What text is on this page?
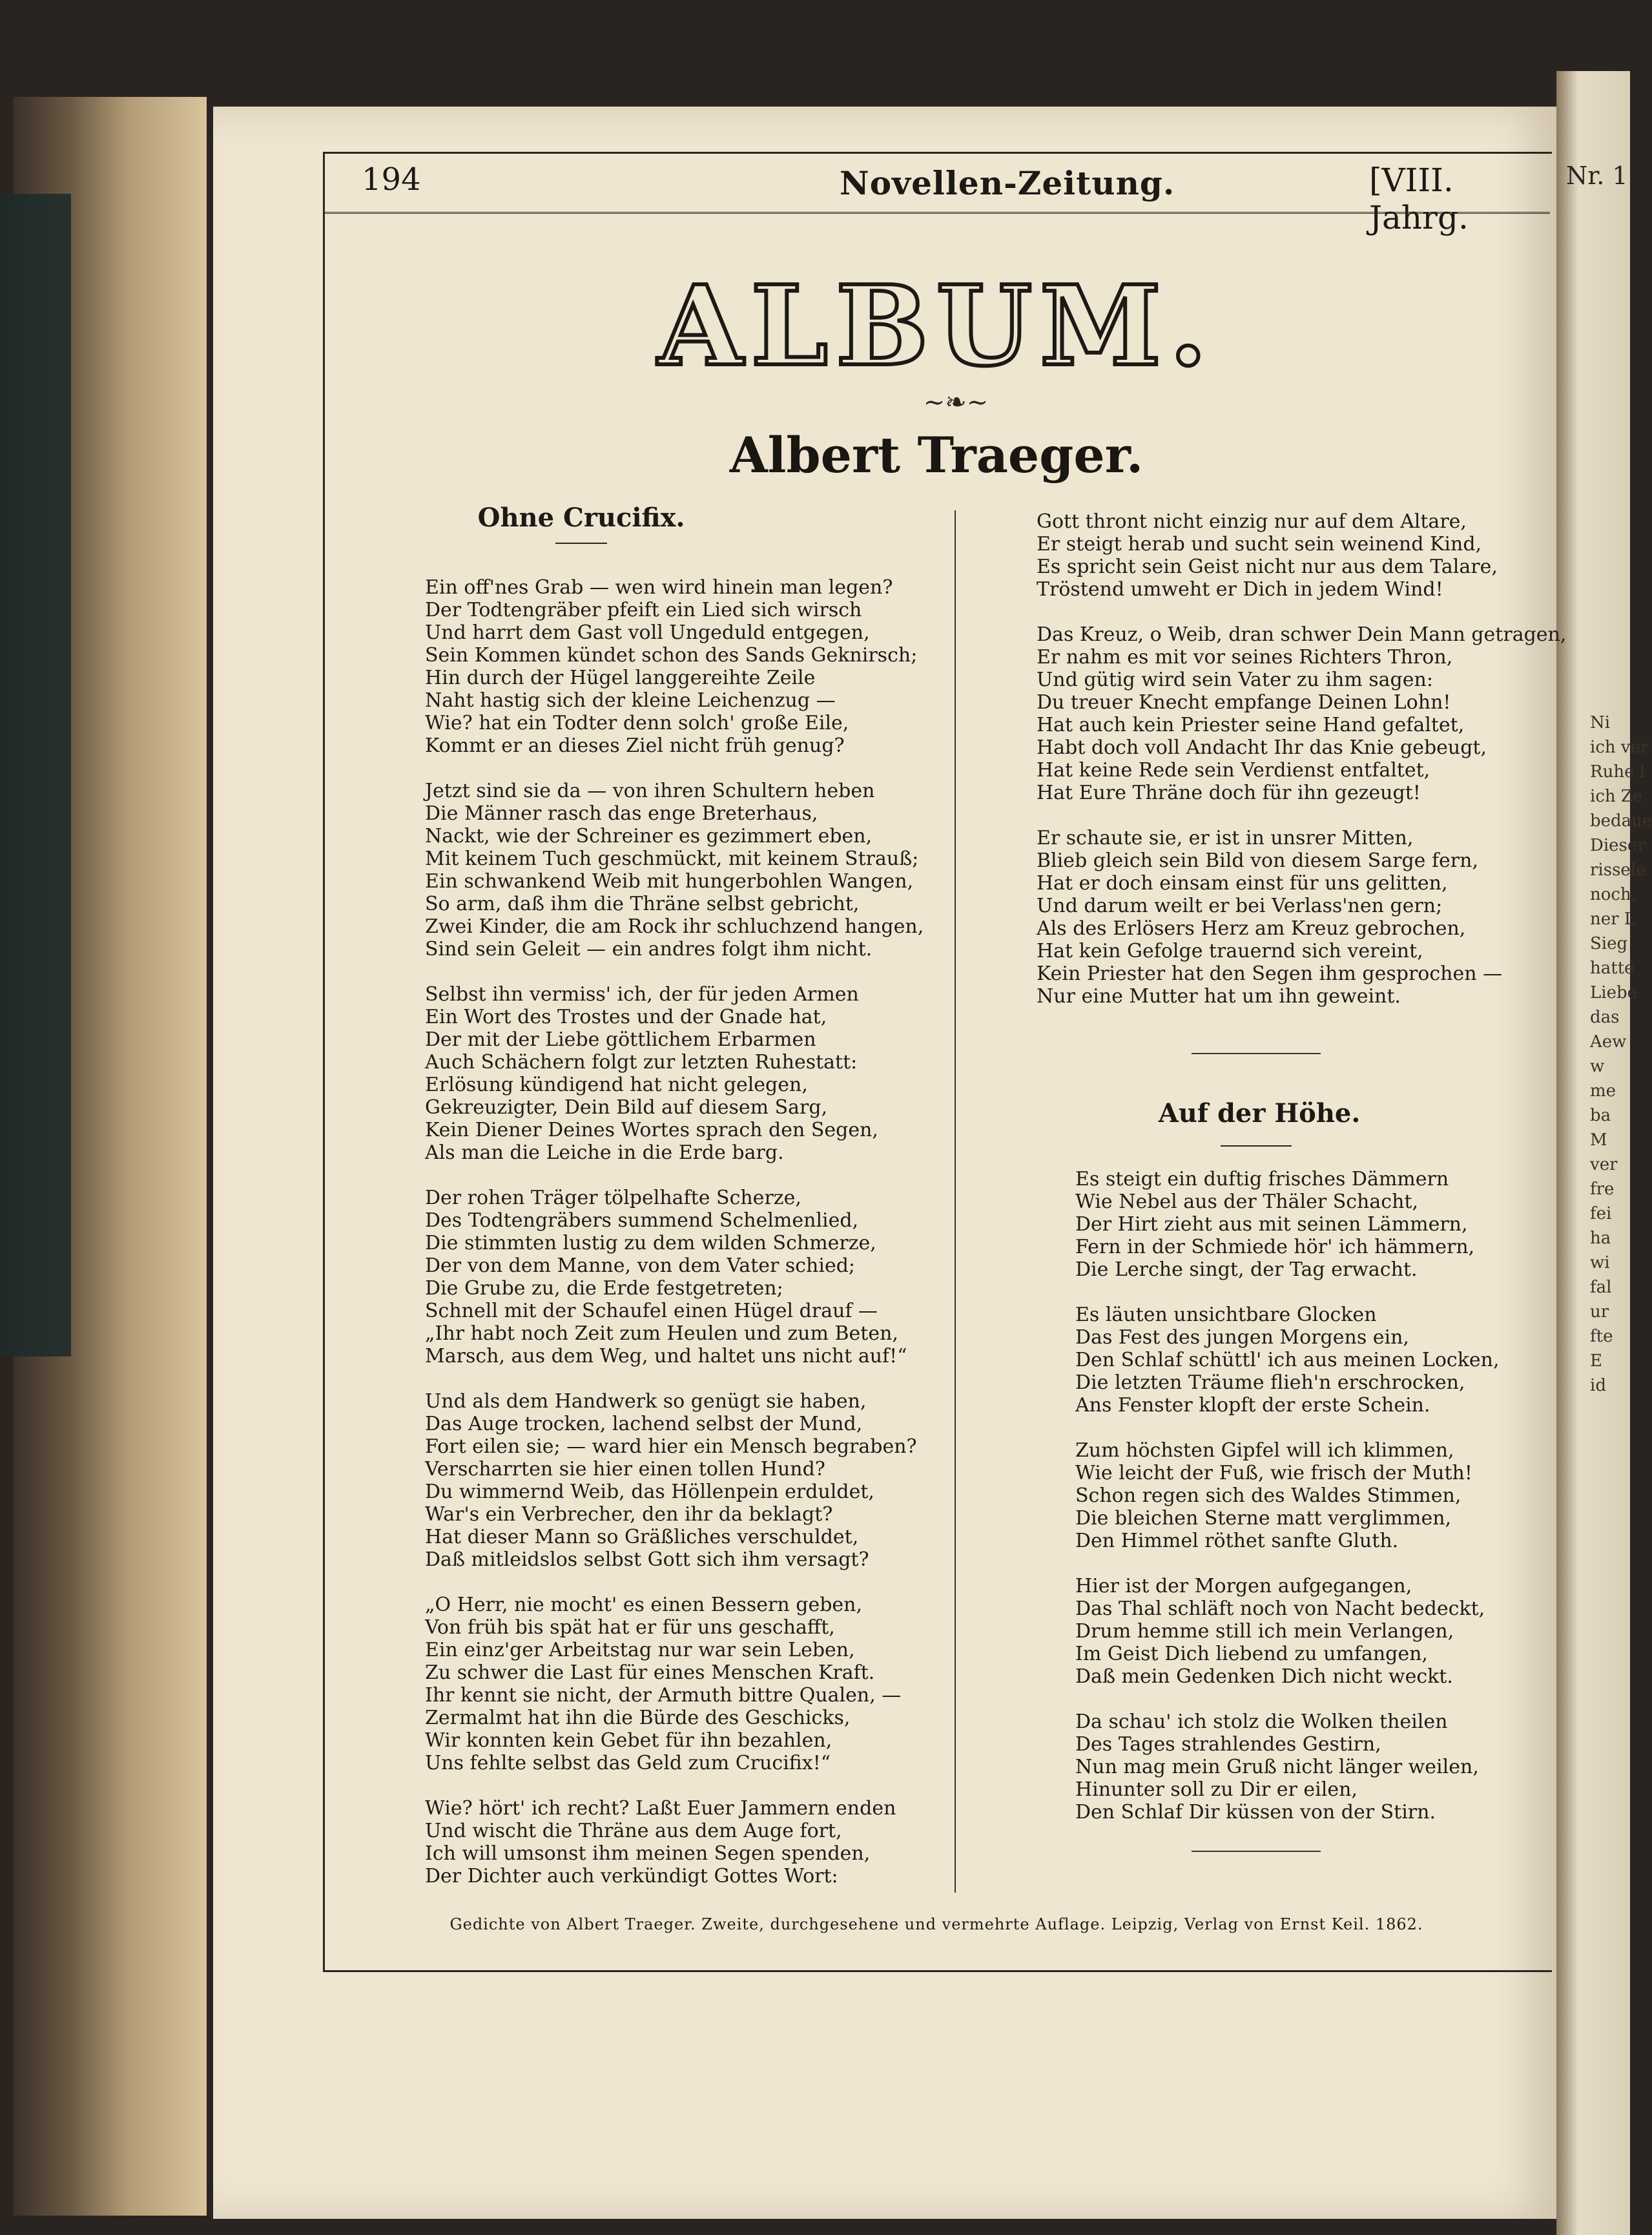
194	Novellen-Zeitung.	[VIII. Jahrg.
ALBUM.
~❧~
Albert Traeger.
Ohne Crucifix.
Ein off'nes Grab — wen wird hinein man legen?
Der Todtengräber pfeift ein Lied sich wirsch
Und harrt dem Gast voll Ungeduld entgegen,
Sein Kommen kündet schon des Sands Geknirsch;
Hin durch der Hügel langgereihte Zeile
Naht hastig sich der kleine Leichenzug —
Wie? hat ein Todter denn solch' große Eile,
Kommt er an dieses Ziel nicht früh genug?
Jetzt sind sie da — von ihren Schultern heben
Die Männer rasch das enge Breterhaus,
Nackt, wie der Schreiner es gezimmert eben,
Mit keinem Tuch geschmückt, mit keinem Strauß;
Ein schwankend Weib mit hungerbohlen Wangen,
So arm, daß ihm die Thräne selbst gebricht,
Zwei Kinder, die am Rock ihr schluchzend hangen,
Sind sein Geleit — ein andres folgt ihm nicht.
Selbst ihn vermiss' ich, der für jeden Armen
Ein Wort des Trostes und der Gnade hat,
Der mit der Liebe göttlichem Erbarmen
Auch Schächern folgt zur letzten Ruhestatt:
Erlösung kündigend hat nicht gelegen,
Gekreuzigter, Dein Bild auf diesem Sarg,
Kein Diener Deines Wortes sprach den Segen,
Als man die Leiche in die Erde barg.
Der rohen Träger tölpelhafte Scherze,
Des Todtengräbers summend Schelmenlied,
Die stimmten lustig zu dem wilden Schmerze,
Der von dem Manne, von dem Vater schied;
Die Grube zu, die Erde festgetreten;
Schnell mit der Schaufel einen Hügel drauf —
„Ihr habt noch Zeit zum Heulen und zum Beten,
Marsch, aus dem Weg, und haltet uns nicht auf!“
Und als dem Handwerk so genügt sie haben,
Das Auge trocken, lachend selbst der Mund,
Fort eilen sie; — ward hier ein Mensch begraben?
Verscharrten sie hier einen tollen Hund?
Du wimmernd Weib, das Höllenpein erduldet,
War's ein Verbrecher, den ihr da beklagt?
Hat dieser Mann so Gräßliches verschuldet,
Daß mitleidslos selbst Gott sich ihm versagt?
„O Herr, nie mocht' es einen Bessern geben,
Von früh bis spät hat er für uns geschafft,
Ein einz'ger Arbeitstag nur war sein Leben,
Zu schwer die Last für eines Menschen Kraft.
Ihr kennt sie nicht, der Armuth bittre Qualen, —
Zermalmt hat ihn die Bürde des Geschicks,
Wir konnten kein Gebet für ihn bezahlen,
Uns fehlte selbst das Geld zum Crucifix!“
Wie? hört' ich recht? Laßt Euer Jammern enden
Und wischt die Thräne aus dem Auge fort,
Ich will umsonst ihm meinen Segen spenden,
Der Dichter auch verkündigt Gottes Wort:
Gott thront nicht einzig nur auf dem Altare,
Er steigt herab und sucht sein weinend Kind,
Es spricht sein Geist nicht nur aus dem Talare,
Tröstend umweht er Dich in jedem Wind!
Das Kreuz, o Weib, dran schwer Dein Mann getragen,
Er nahm es mit vor seines Richters Thron,
Und gütig wird sein Vater zu ihm sagen:
Du treuer Knecht empfange Deinen Lohn!
Hat auch kein Priester seine Hand gefaltet,
Habt doch voll Andacht Ihr das Knie gebeugt,
Hat keine Rede sein Verdienst entfaltet,
Hat Eure Thräne doch für ihn gezeugt!
Er schaute sie, er ist in unsrer Mitten,
Blieb gleich sein Bild von diesem Sarge fern,
Hat er doch einsam einst für uns gelitten,
Und darum weilt er bei Verlass'nen gern;
Als des Erlösers Herz am Kreuz gebrochen,
Hat kein Gefolge trauernd sich vereint,
Kein Priester hat den Segen ihm gesprochen —
Nur eine Mutter hat um ihn geweint.
Auf der Höhe.
Es steigt ein duftig frisches Dämmern
Wie Nebel aus der Thäler Schacht,
Der Hirt zieht aus mit seinen Lämmern,
Fern in der Schmiede hör' ich hämmern,
Die Lerche singt, der Tag erwacht.
Es läuten unsichtbare Glocken
Das Fest des jungen Morgens ein,
Den Schlaf schüttl' ich aus meinen Locken,
Die letzten Träume flieh'n erschrocken,
Ans Fenster klopft der erste Schein.
Zum höchsten Gipfel will ich klimmen,
Wie leicht der Fuß, wie frisch der Muth!
Schon regen sich des Waldes Stimmen,
Die bleichen Sterne matt verglimmen,
Den Himmel röthet sanfte Gluth.
Hier ist der Morgen aufgegangen,
Das Thal schläft noch von Nacht bedeckt,
Drum hemme still ich mein Verlangen,
Im Geist Dich liebend zu umfangen,
Daß mein Gedenken Dich nicht weckt.
Da schau' ich stolz die Wolken theilen
Des Tages strahlendes Gestirn,
Nun mag mein Gruß nicht länger weilen,
Hinunter soll zu Dir er eilen,
Den Schlaf Dir küssen von der Stirn.
Gedichte von Albert Traeger. Zweite, durchgesehene und vermehrte Auflage. Leipzig, Verlag von Ernst Keil. 1862.
Nr. 1
Ni
ich ver
Ruhe l
ich Ze
bedaue
Dieser
rissele
noch,
ner L
Sieg
hatte
Liebe
das
Aew
w
me
ba
M
ver
fre
fei
ha
wi
fal
ur
fte
E
id
